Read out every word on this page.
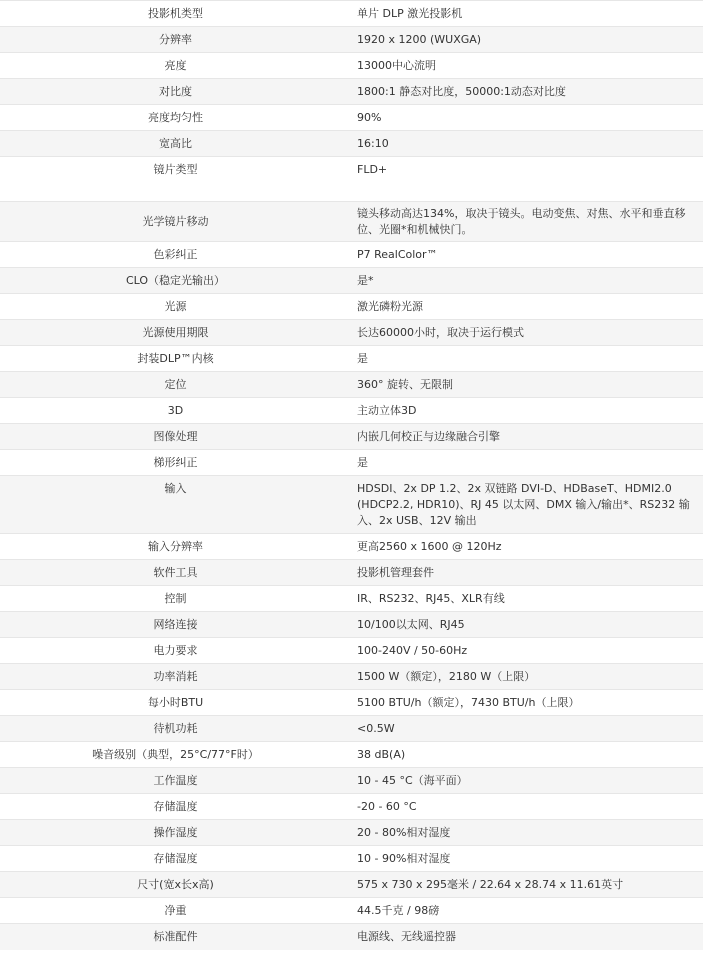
投影机类型	单片 DLP 激光投影机
分辨率	1920 x 1200 (WUXGA)
亮度	13000中心流明
对比度	1800:1 静态对比度，50000:1动态对比度
亮度均匀性	90%
宽高比	16:10
镜片类型	FLD+
光学镜片移动	镜头移动高达134%，取决于镜头。电动变焦、对焦、水平和垂直移位、光圈*和机械快门。
色彩纠正	P7 RealColor™
CLO（稳定光输出）	是*
光源	激光磷粉光源
光源使用期限	长达60000小时，取决于运行模式
封装DLP™内核	是
定位	360° 旋转、无限制
3D	主动立体3D
图像处理	内嵌几何校正与边缘融合引擎
梯形纠正	是
输入	HDSDI、2x DP 1.2、2x 双链路 DVI-D、HDBaseT、HDMI2.0 (HDCP2.2, HDR10)、RJ 45 以太网、DMX 输入/输出*、RS232 输入、2x USB、12V 输出
输入分辨率	更高2560 x 1600 @ 120Hz
软件工具	投影机管理套件
控制	IR、RS232、RJ45、XLR有线
网络连接	10/100以太网、RJ45
电力要求	100-240V / 50-60Hz
功率消耗	1500 W（额定），2180 W（上限）
每小时BTU	5100 BTU/h（额定），7430 BTU/h（上限）
待机功耗	<0.5W
噪音级别（典型，25°C/77°F时）	38 dB(A)
工作温度	10 - 45 °C（海平面）
存储温度	-20 - 60 °C
操作湿度	20 - 80%相对湿度
存储湿度	10 - 90%相对湿度
尺寸(宽x长x高)	575 x 730 x 295毫米 / 22.64 x 28.74 x 11.61英寸
净重	44.5千克 / 98磅
标准配件	电源线、无线遥控器
